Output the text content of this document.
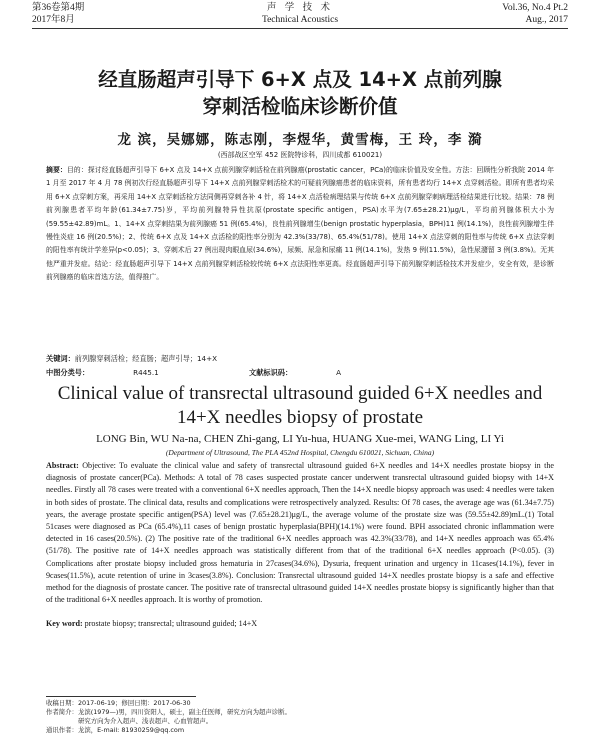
第36卷第4期
2017年8月
声 学 技 术
Technical Acoustics
Vol.36, No.4 Pt.2
Aug., 2017
经直肠超声引导下 6+X 点及 14+X 点前列腺
穿刺活检临床诊断价值
龙 滨，吴娜娜，陈志刚，李煜华，黄雪梅，王 玲，李 漪
(西部战区空军 452 医院特诊科，四川成都 610021)
摘要：目的：探讨经直肠超声引导下 6+X 点及 14+X 点前列腺穿刺活检在前列腺癌(prostatic cancer，PCa)的临床价值及安全性。方法：回顾性分析我院 2014 年 1 月至 2017 年 4 月 78 例初次行经直肠超声引导下 14+X 点前列腺穿刺活检术的可疑前列腺癌患者的临床资料，所有患者均行 14+X 点穿刺活检。即所有患者均采用 6+X 点穿刺方案，再采用 14+X 点穿刺活检方法同侧再穿刺各补 4 针，将 14+X 点活检病理结果与传统 6+X 点前列腺穿刺病理活检结果进行比较。结果：78 例前列腺患者平均年龄(61.34±7.75)岁，平均前列腺特异性抗原(prostate specific antigen，PSA)水平为(7.65±28.21)μg/L，平均前列腺体积大小为(59.55±42.89)mL。1、14+X 点穿刺结果为前列腺癌 51 例(65.4%)，良性前列腺增生(benign prostatic hyperplasia，BPH)11 例(14.1%)，良性前列腺增生伴慢性炎症 16 例(20.5%)；2、传统 6+X 点及 14+X 点活检的阳性率分别为 42.3%(33/78)、65.4%(51/78)。使用 14+X 点法穿刺的阳性率与传统 6+X 点法穿刺的阳性率有统计学差异(p<0.05)；3、穿刺术后 27 例出现肉眼血尿(34.6%)，尿频、尿急和尿痛 11 例(14.1%)，发热 9 例(11.5%)，急性尿潴留 3 例(3.8%)。无其他严重并发症。结论：经直肠超声引导下 14+X 点前列腺穿刺活检较传统 6+X 点法阳性率更高。经直肠超声引导下前列腺穿刺活检技术并发症少，安全有效，是诊断前列腺癌的临床首选方法，值得推广。
关键词：前列腺穿刺活检；经直肠；超声引导；14+X
中图分类号：	R445.1	文献标识码：	A
Clinical value of transrectal ultrasound guided 6+X needles and
14+X needles biopsy of prostate
LONG Bin, WU Na-na, CHEN Zhi-gang, LI Yu-hua, HUANG Xue-mei, WANG Ling, LI Yi
(Department of Ultrasound, The PLA 452nd Hospital, Chengdu 610021, Sichuan, China)
Abstract: Objective: To evaluate the clinical value and safety of transrectal ultrasound guided 6+X needles and 14+X needles prostate biopsy in the diagnosis of prostate cancer(PCa). Methods: A total of 78 cases suspected prostate cancer underwent transrectal ultrasound guided biopsy with 14+X needles. Firstly all 78 cases were treated with a conventional 6+X needles approach, Then the 14+X needle biopsy approach was used: 4 needles were taken in both sides of prostate. The clinical data, results and complications were retrospectively analyzed. Results: Of 78 cases, the average age was (61.34±7.75) years, the average prostate specific antigen(PSA) level was (7.65±28.21)μg/L, the average volume of the prostate size was (59.55±42.89)mL.(1) Total 51cases were diagnosed as PCa (65.4%),11 cases of benign prostatic hyperplasia(BPH)(14.1%) were found. BPH associated chronic inflammation were detected in 16 cases(20.5%). (2) The positive rate of the traditional 6+X needles approach was 42.3%(33/78), and 14+X needles approach was 65.4% (51/78). The positive rate of 14+X needles approach was statistically different from that of the traditional 6+X needles approach (P<0.05). (3) Complications after prostate biopsy included gross hematuria in 27cases(34.6%), Dysuria, frequent urination and urgency in 11cases(14.1%), fever in 9cases(11.5%), acute retention of urine in 3cases(3.8%). Conclusion: Transrectal ultrasound guided 14+X needles prostate biopsy is a safe and effective method for the diagnosis of prostate cancer. The positive rate of transrectal ultrasound guided 14+X needles prostate biopsy is significantly higher than that of the traditional 6+X needles approach. It is worthy of promotion.
Key word: prostate biopsy; transrectal; ultrasound guided; 14+X
收稿日期：2017-06-19；修回日期：2017-06-30
作者简介：龙滨(1979—)男，四川资阳人，硕士，副主任医师，研究方向为超声诊断。
研究方向为介入超声、浅表超声、心血管超声。
通讯作者：龙滨，E-mail: 81930259@qq.com
